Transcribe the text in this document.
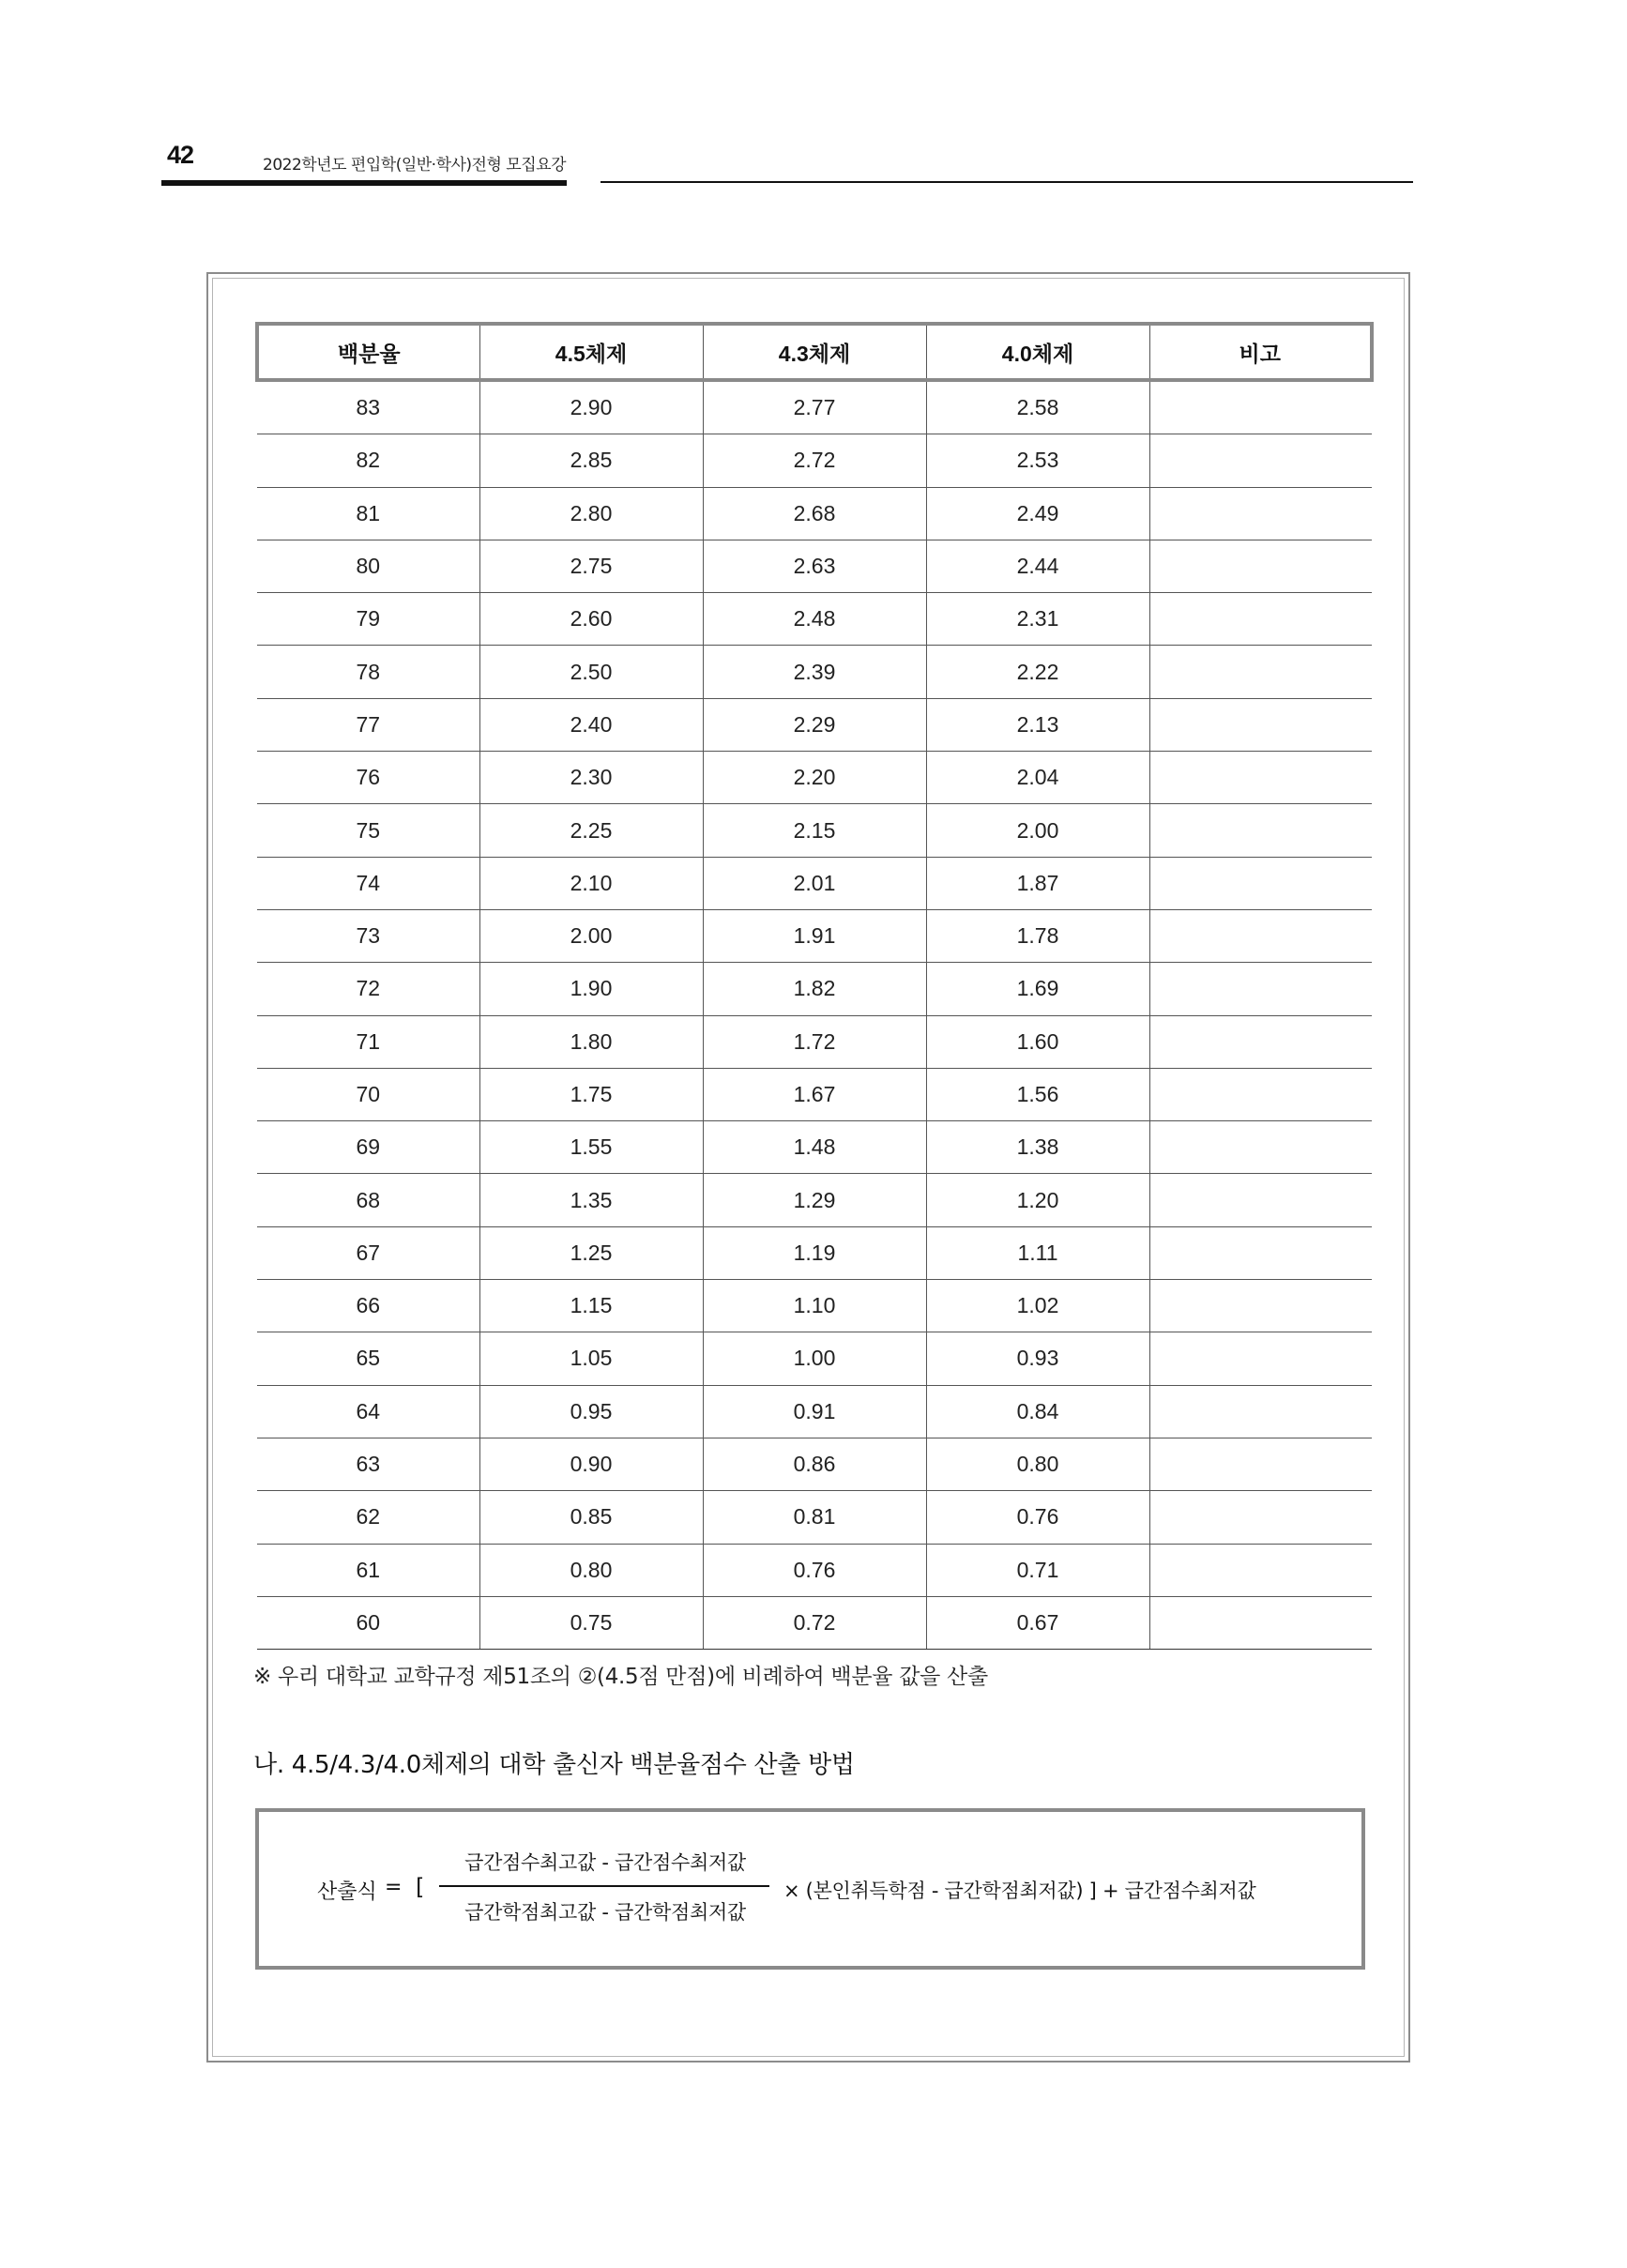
42	2022학년도 편입학(일반·학사)전형 모집요강
백분율	4.5체제	4.3체제	4.0체제	비고
83	2.90	2.77	2.58	
82	2.85	2.72	2.53	
81	2.80	2.68	2.49	
80	2.75	2.63	2.44	
79	2.60	2.48	2.31	
78	2.50	2.39	2.22	
77	2.40	2.29	2.13	
76	2.30	2.20	2.04	
75	2.25	2.15	2.00	
74	2.10	2.01	1.87	
73	2.00	1.91	1.78	
72	1.90	1.82	1.69	
71	1.80	1.72	1.60	
70	1.75	1.67	1.56	
69	1.55	1.48	1.38	
68	1.35	1.29	1.20	
67	1.25	1.19	1.11	
66	1.15	1.10	1.02	
65	1.05	1.00	0.93	
64	0.95	0.91	0.84	
63	0.90	0.86	0.80	
62	0.85	0.81	0.76	
61	0.80	0.76	0.71	
60	0.75	0.72	0.67	
※ 우리 대학교 교학규정 제51조의 ②(4.5점 만점)에 비례하여 백분율 값을 산출
나. 4.5/4.3/4.0체제의 대학 출신자 백분율점수 산출 방법
산출식 = [
급간점수최고값 - 급간점수최저값
급간학점최고값 - 급간학점최저값
× (본인취득학점 - 급간학점최저값) ] + 급간점수최저값
